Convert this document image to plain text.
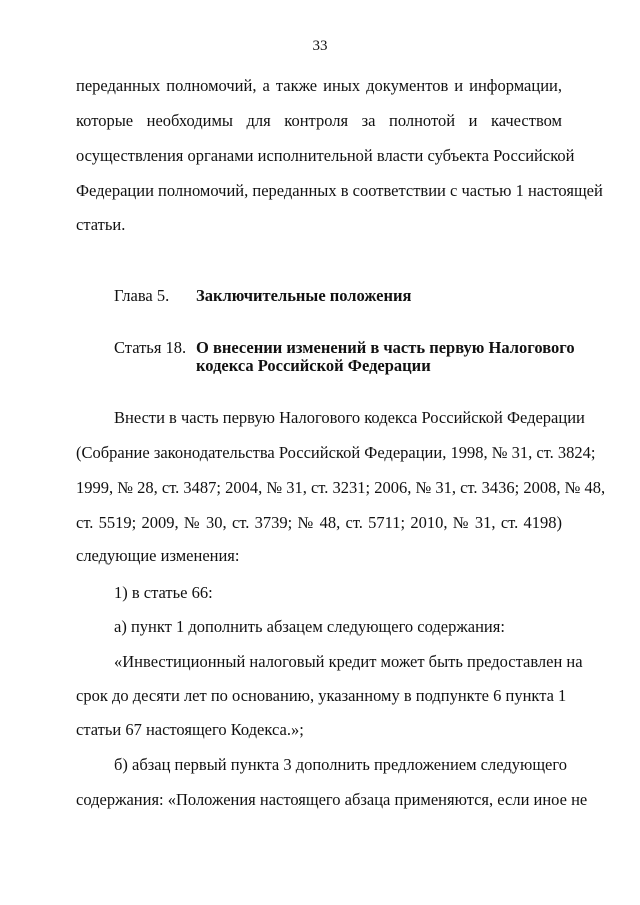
33
переданных полномочий, а также иных документов и информации,
которые необходимы для контроля за полнотой и качеством
осуществления органами исполнительной власти субъекта Российской
Федерации полномочий, переданных в соответствии с частью 1 настоящей
статьи.
Глава 5. Заключительные положения
Статья 18. О внесении изменений в часть первую Налогового
кодекса Российской Федерации
Внести в часть первую Налогового кодекса Российской Федерации
(Собрание законодательства Российской Федерации, 1998, № 31, ст. 3824;
1999, № 28, ст. 3487; 2004, № 31, ст. 3231; 2006, № 31, ст. 3436; 2008, № 48,
ст. 5519; 2009, № 30, ст. 3739; № 48, ст. 5711; 2010, № 31, ст. 4198)
следующие изменения:
1) в статье 66:
а) пункт 1 дополнить абзацем следующего содержания:
«Инвестиционный налоговый кредит может быть предоставлен на
срок до десяти лет по основанию, указанному в подпункте 6 пункта 1
статьи 67 настоящего Кодекса.»;
б) абзац первый пункта 3 дополнить предложением следующего
содержания: «Положения настоящего абзаца применяются, если иное не
